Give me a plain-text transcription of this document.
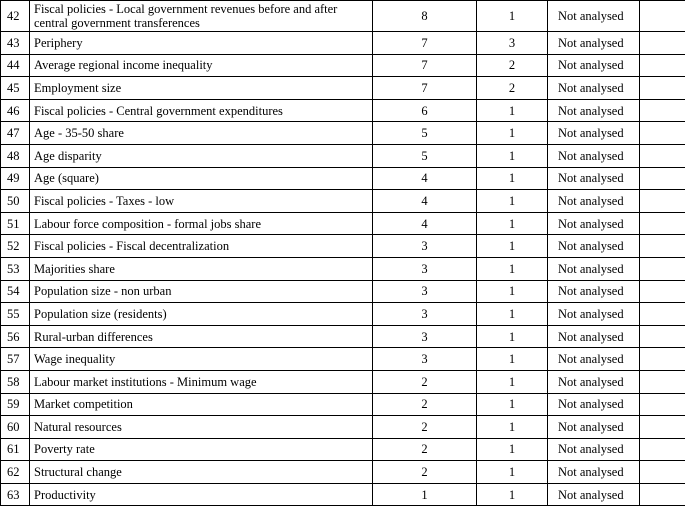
42	Fiscal policies - Local government revenues before and after central government transferences	8	1	Not analysed	
43	Periphery	7	3	Not analysed	
44	Average regional income inequality	7	2	Not analysed	
45	Employment size	7	2	Not analysed	
46	Fiscal policies - Central government expenditures	6	1	Not analysed	
47	Age - 35-50 share	5	1	Not analysed	
48	Age disparity	5	1	Not analysed	
49	Age (square)	4	1	Not analysed	
50	Fiscal policies - Taxes - low	4	1	Not analysed	
51	Labour force composition - formal jobs share	4	1	Not analysed	
52	Fiscal policies - Fiscal decentralization	3	1	Not analysed	
53	Majorities share	3	1	Not analysed	
54	Population size - non urban	3	1	Not analysed	
55	Population size (residents)	3	1	Not analysed	
56	Rural-urban differences	3	1	Not analysed	
57	Wage inequality	3	1	Not analysed	
58	Labour market institutions - Minimum wage	2	1	Not analysed	
59	Market competition	2	1	Not analysed	
60	Natural resources	2	1	Not analysed	
61	Poverty rate	2	1	Not analysed	
62	Structural change	2	1	Not analysed	
63	Productivity	1	1	Not analysed	
